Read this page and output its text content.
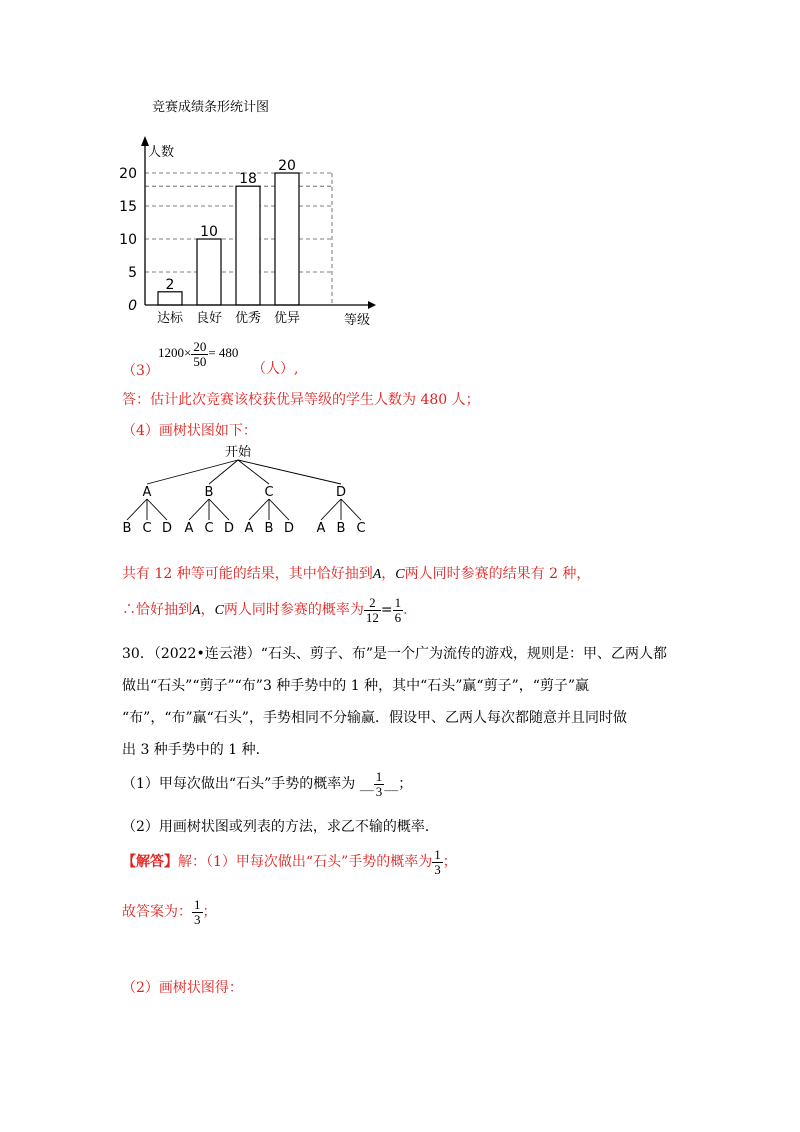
竞赛成绩条形统计图
0
5
10
15
20
2
达标
10
良好
18
优秀
20
优异
人数
等级
（3）
$1200\times \frac{20}{50} = 480$
（人）,
答：估计此次竞赛该校获优异等级的学生人数为 480 人；
（4）画树状图如下：
开始
A
B C D
B
A C D
C
A B D
D
A B C
共有 12 种等可能的结果，其中恰好抽到A，C两人同时参赛的结果有 2 种，
∴恰好抽到A，C两人同时参赛的概率为 $\frac{2}{12} = \frac{1}{6}$ .
30．（2022•连云港）“石头、剪子、布”是一个广为流传的游戏，规则是：甲、乙两人都
做出“石头”“剪子”“布”3 种手势中的 1 种，其中“石头”赢“剪子”，“剪子”赢
“布”，“布”赢“石头”，手势相同不分输赢．假设甲、乙两人每次都随意并且同时做
出 3 种手势中的 1 种．
（1）甲每次做出“石头”手势的概率为 __ $\frac{1}{3}$ __；
（2）用画树状图或列表的方法，求乙不输的概率．
【解答】解：（1）甲每次做出“石头”手势的概率为 $\frac{1}{3}$ ；
故答案为： $\frac{1}{3}$ ；
（2）画树状图得：
